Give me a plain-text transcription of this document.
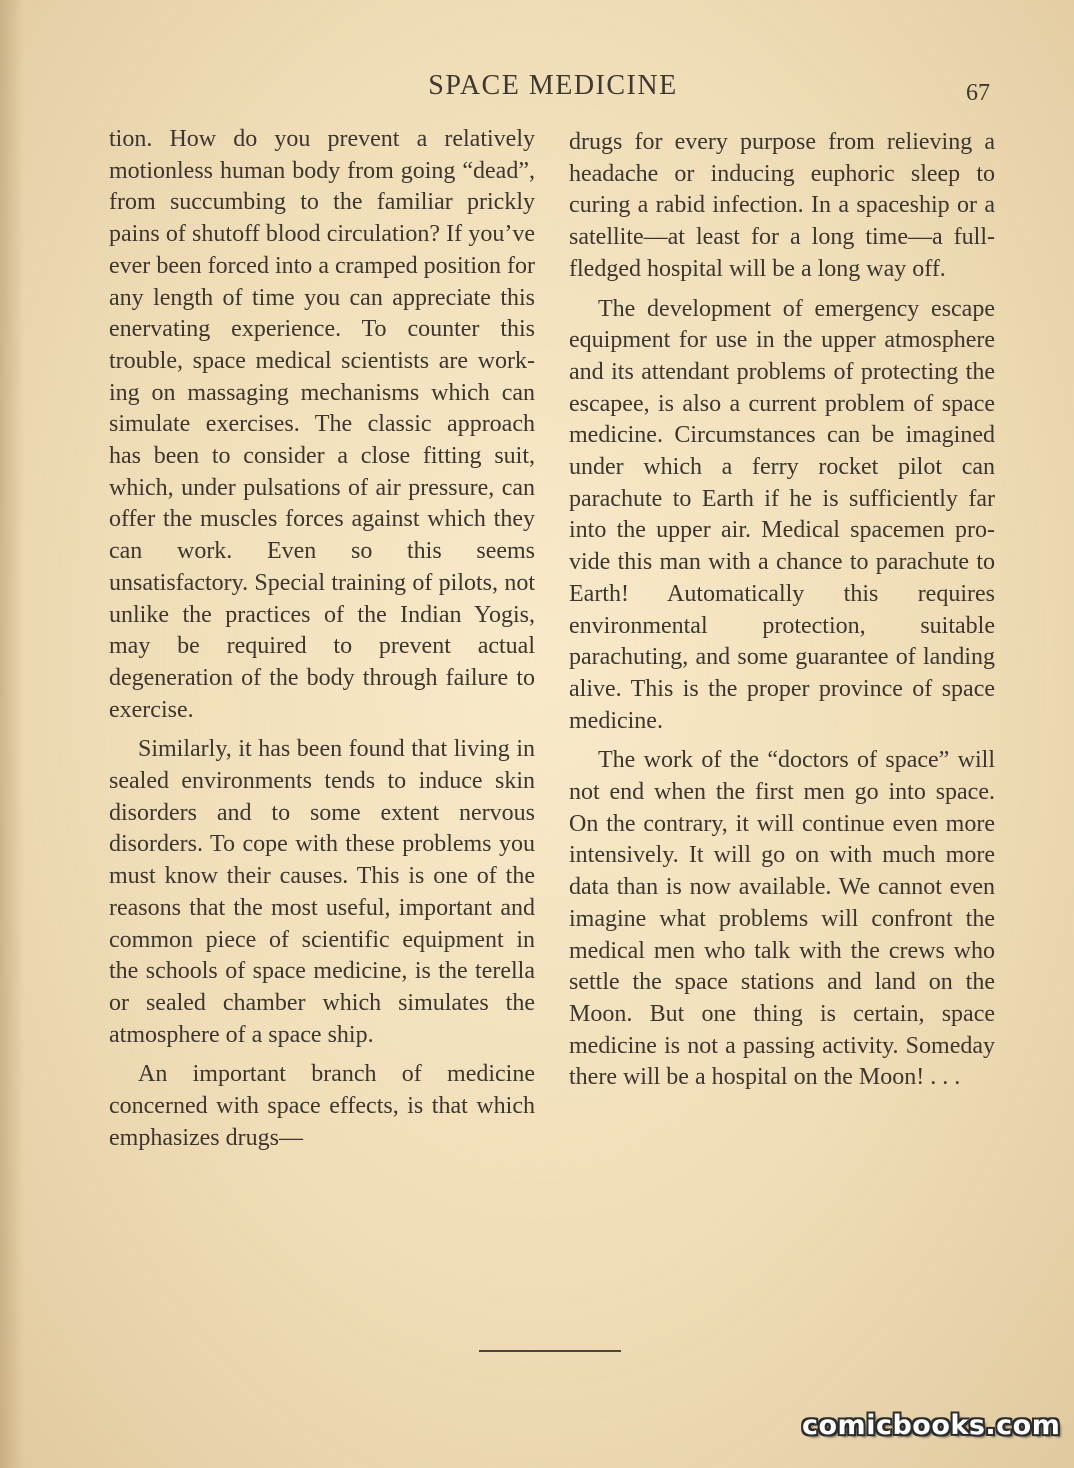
SPACE MEDICINE	67

tion. How do you prevent a relatively motionless human body from going “dead”, from succumbing to the familiar prickly pains of shutoff blood circulation? If you’ve ever been forced into a cramped position for any length of time you can appreciate this enervating experience. To counter this trouble, space medical scientists are working on massaging mechanisms which can simulate exercises. The classic approach has been to consider a close fitting suit, which, under pulsations of air pressure, can offer the muscles forces against which they can work. Even so this seems unsatisfactory. Special training of pilots, not unlike the practices of the Indian Yogis, may be required to prevent actual degeneration of the body through failure to exercise.

Similarly, it has been found that living in sealed environments tends to induce skin disorders and to some extent nervous disorders. To cope with these problems you must know their causes. This is one of the reasons that the most useful, important and common piece of scientific equipment in the schools of space medicine, is the terella or sealed chamber which simulates the atmosphere of a space ship.

An important branch of medicine concerned with space effects, is that which emphasizes drugs—

drugs for every purpose from relieving a headache or inducing euphoric sleep to curing a rabid infection. In a spaceship or a satellite—at least for a long time—a full-fledged hospital will be a long way off.

The development of emergency escape equipment for use in the upper atmosphere and its attendant problems of protecting the escapee, is also a current problem of space medicine. Circumstances can be imagined under which a ferry rocket pilot can parachute to Earth if he is sufficiently far into the upper air. Medical spacemen provide this man with a chance to parachute to Earth! Automatically this requires environmental protection, suitable parachuting, and some guarantee of landing alive. This is the proper province of space medicine.

The work of the “doctors of space” will not end when the first men go into space. On the contrary, it will continue even more intensively. It will go on with much more data than is now available. We cannot even imagine what problems will confront the medical men who talk with the crews who settle the space stations and land on the Moon. But one thing is certain, space medicine is not a passing activity. Someday there will be a hospital on the Moon! . . .

comicbooks.com
